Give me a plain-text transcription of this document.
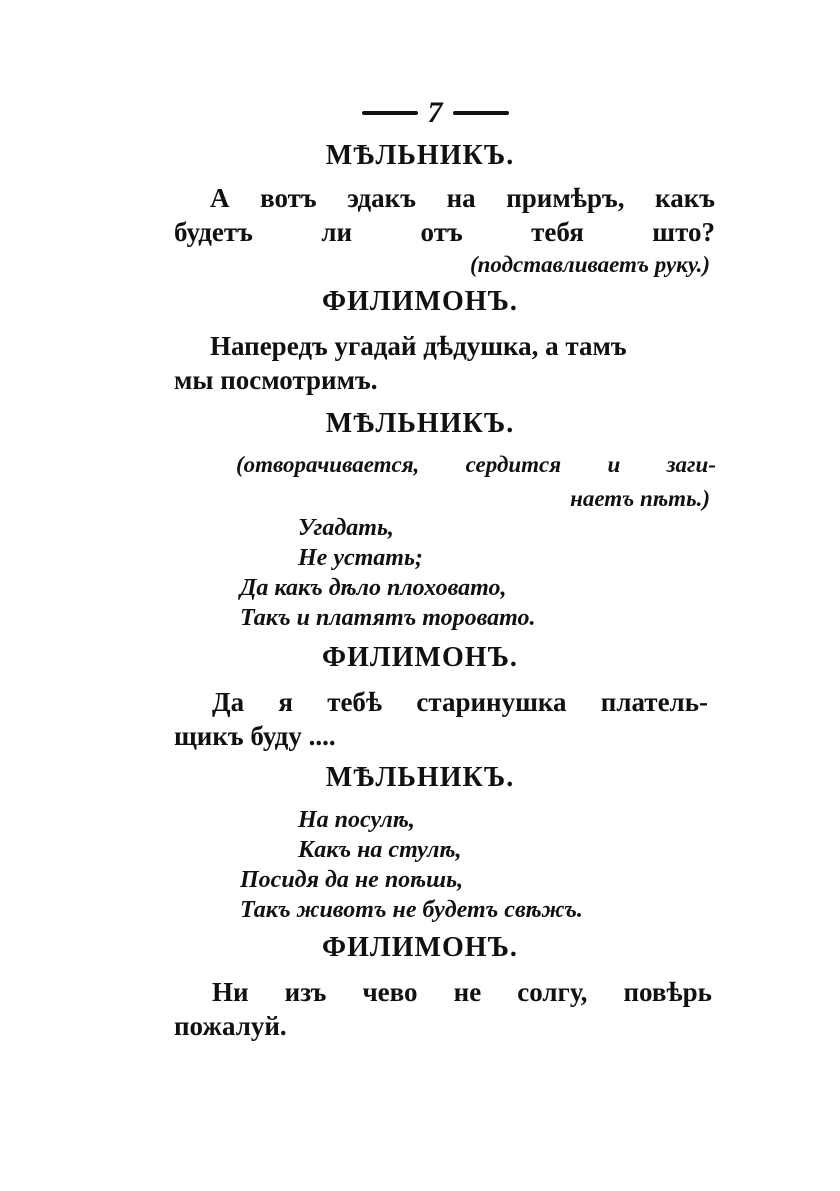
7
МѢЛЬНИКЪ.
А вотъ эдакъ на примѣръ, какъ
будетъ	ли	отъ	тебя	што?
(подставливаетъ руку.)
ФИЛИМОНЪ.
Напередъ угадай дѣдушка, а тамъ
мы посмотримъ.
МѢЛЬНИКЪ.
(отворачивается, сердится и заги-
наетъ пѣть.)
Угадать,
Не устать;
Да какъ дѣло плоховато,
Такъ и платятъ торовато.
ФИЛИМОНЪ.
Да я тебѣ старинушка платель-
щикъ буду ....
МѢЛЬНИКЪ.
На посулѣ,
Какъ на стулѣ,
Посидя да не поѣшь,
Такъ животъ не будетъ свѣжъ.
ФИЛИМОНЪ.
Ни изъ чево не солгу, повѣрь
пожалуй.
